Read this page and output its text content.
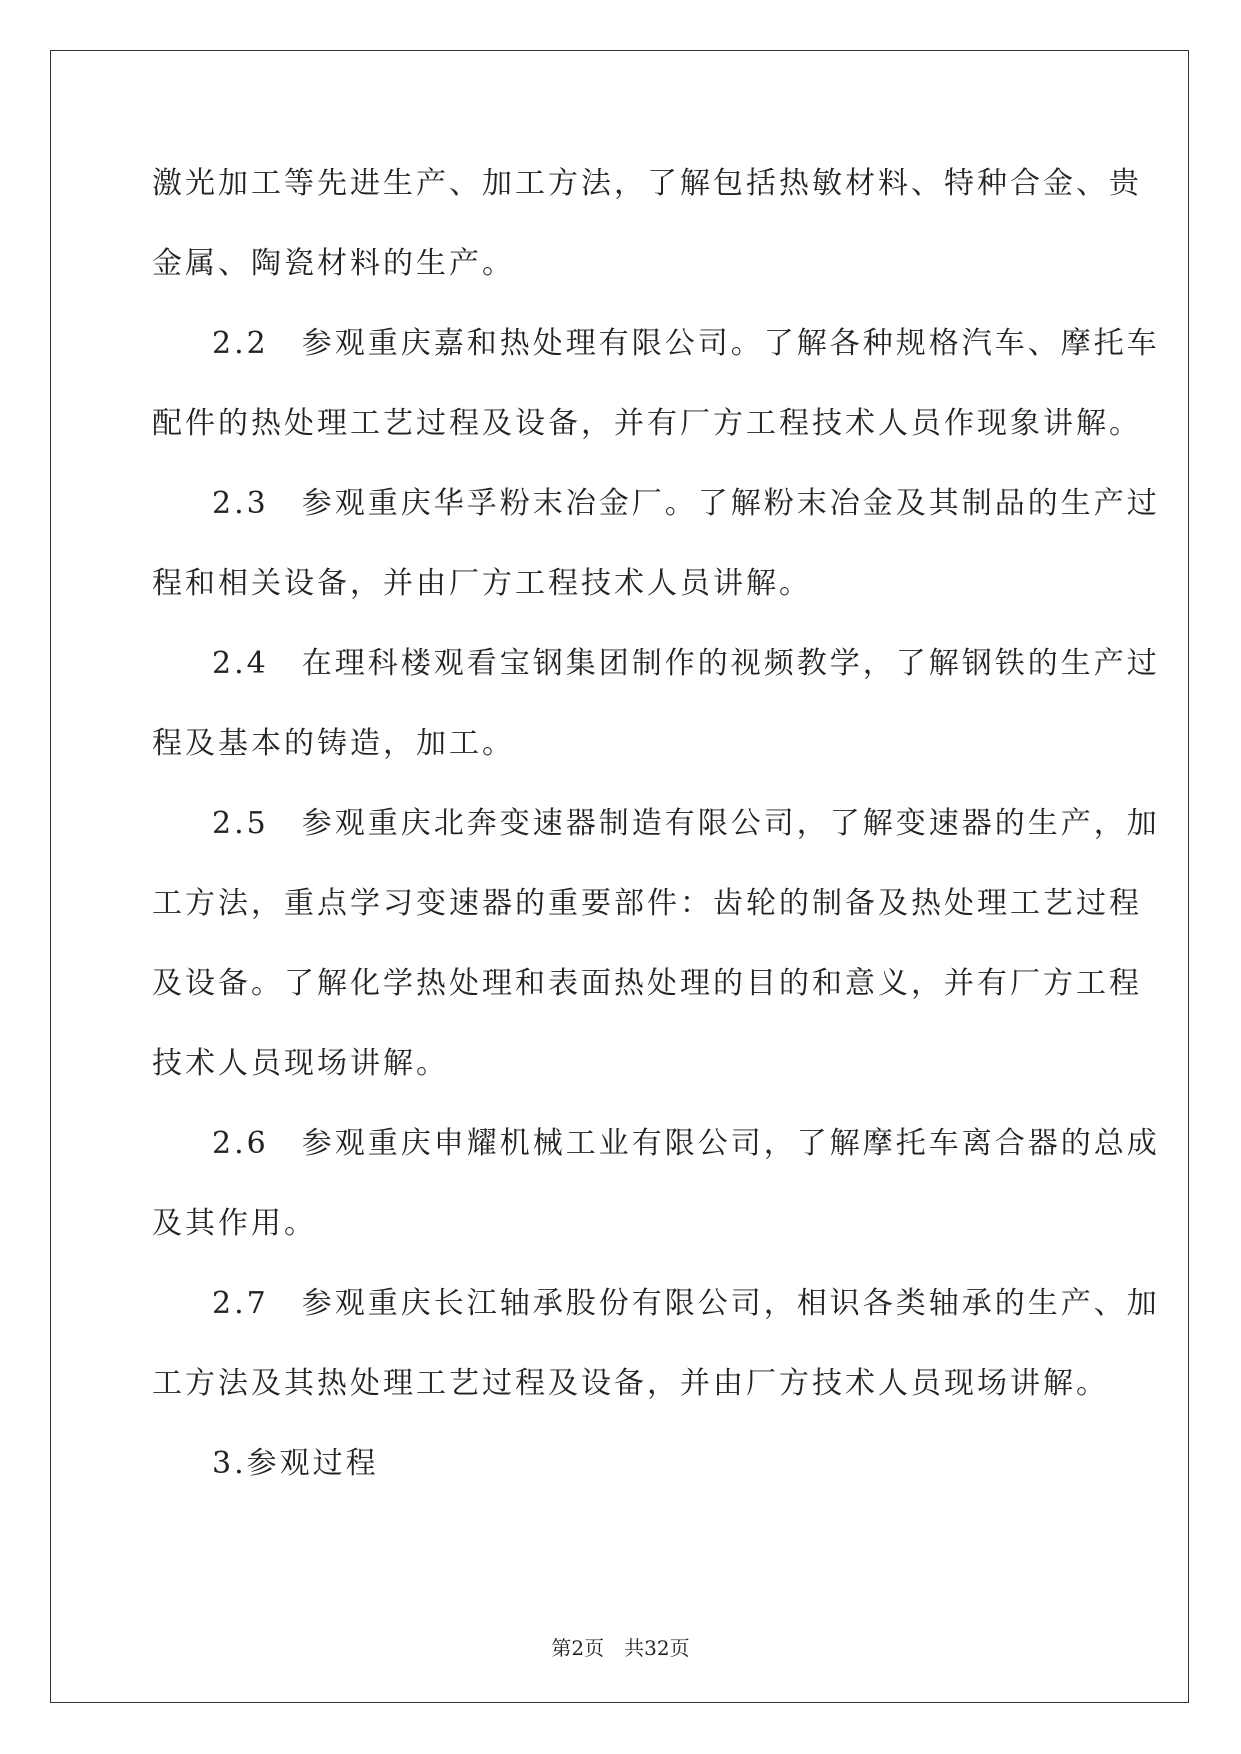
激光加工等先进生产、加工方法，了解包括热敏材料、特种合金、贵
金属、陶瓷材料的生产。
2.2　参观重庆嘉和热处理有限公司。了解各种规格汽车、摩托车
配件的热处理工艺过程及设备，并有厂方工程技术人员作现象讲解。
2.3　参观重庆华孚粉末冶金厂。了解粉末冶金及其制品的生产过
程和相关设备，并由厂方工程技术人员讲解。
2.4　在理科楼观看宝钢集团制作的视频教学，了解钢铁的生产过
程及基本的铸造，加工。
2.5　参观重庆北奔变速器制造有限公司，了解变速器的生产，加
工方法，重点学习变速器的重要部件：齿轮的制备及热处理工艺过程
及设备。了解化学热处理和表面热处理的目的和意义，并有厂方工程
技术人员现场讲解。
2.6　参观重庆申耀机械工业有限公司，了解摩托车离合器的总成
及其作用。
2.7　参观重庆长江轴承股份有限公司，相识各类轴承的生产、加
工方法及其热处理工艺过程及设备，并由厂方技术人员现场讲解。
3.参观过程
第2页　共32页
